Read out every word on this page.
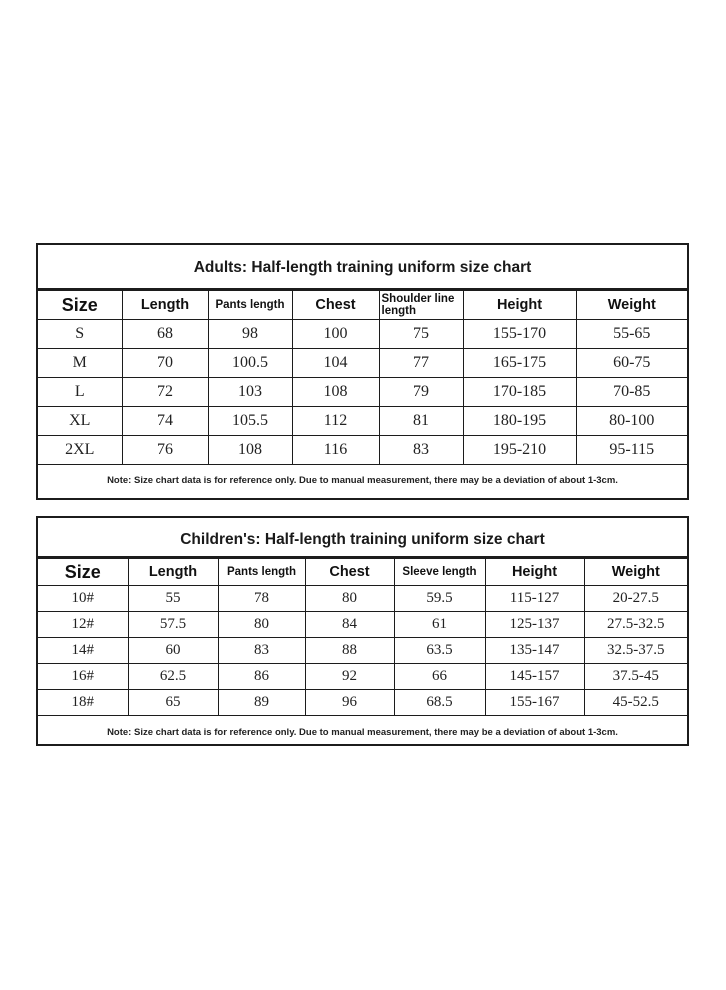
Adults: Half-length training uniform size chart
Size	Length	Pants length	Chest	Shoulder line length	Height	Weight
S	68	98	100	75	155-170	55-65
M	70	100.5	104	77	165-175	60-75
L	72	103	108	79	170-185	70-85
XL	74	105.5	112	81	180-195	80-100
2XL	76	108	116	83	195-210	95-115
Note: Size chart data is for reference only. Due to manual measurement, there may be a deviation of about 1-3cm.
Children's: Half-length training uniform size chart
Size	Length	Pants length	Chest	Sleeve length	Height	Weight
10#	55	78	80	59.5	115-127	20-27.5
12#	57.5	80	84	61	125-137	27.5-32.5
14#	60	83	88	63.5	135-147	32.5-37.5
16#	62.5	86	92	66	145-157	37.5-45
18#	65	89	96	68.5	155-167	45-52.5
Note: Size chart data is for reference only. Due to manual measurement, there may be a deviation of about 1-3cm.
